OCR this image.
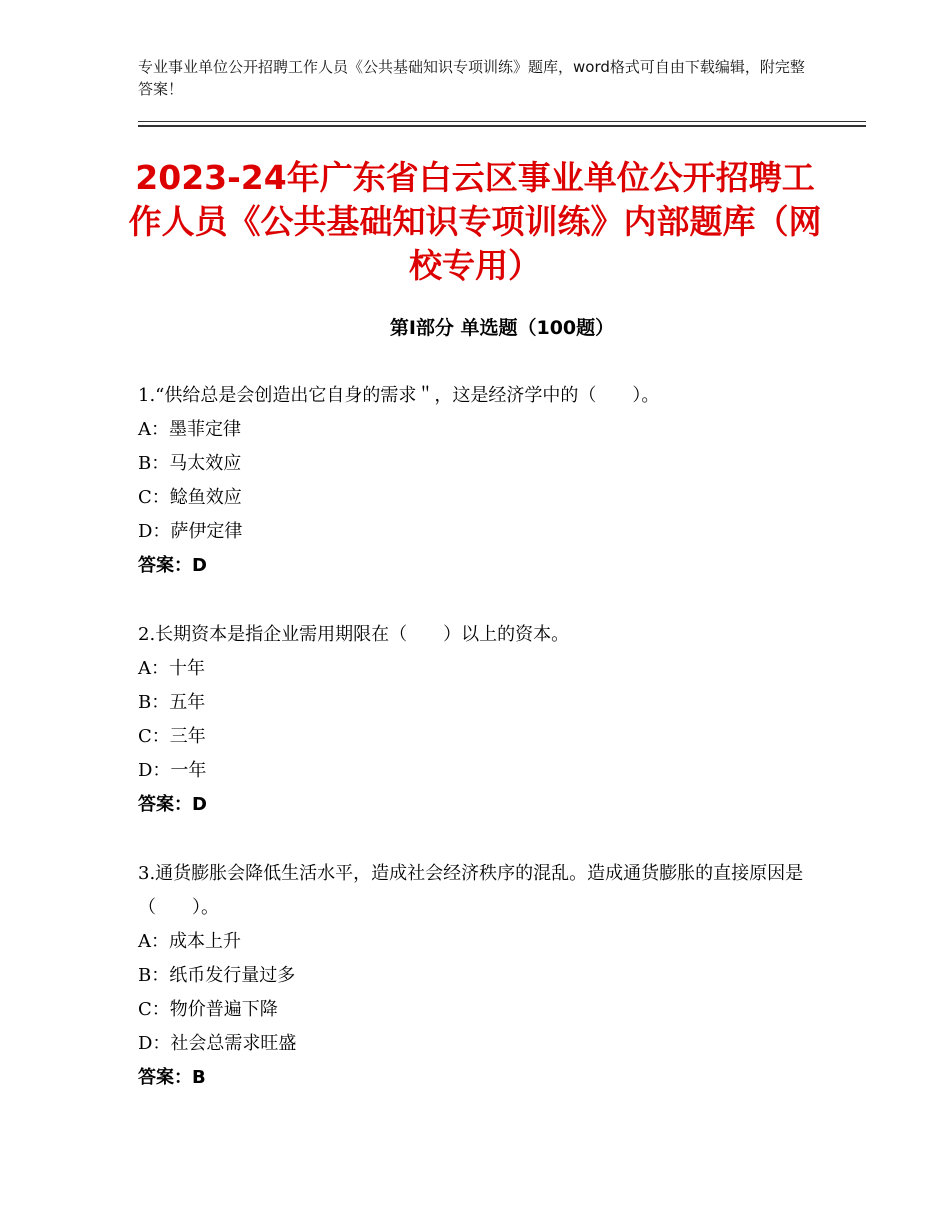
专业事业单位公开招聘工作人员《公共基础知识专项训练》题库，word格式可自由下载编辑，附完整答案！
2023-24年广东省白云区事业单位公开招聘工作人员《公共基础知识专项训练》内部题库（网校专用）
第Ⅰ部分 单选题（100题）

1.“供给总是会创造出它自身的需求＂，这是经济学中的（　　）。

A：墨菲定律

B：马太效应

C：鲶鱼效应

D：萨伊定律

答案：D

2.长期资本是指企业需用期限在（　　）以上的资本。

A：十年

B：五年

C：三年

D：一年

答案：D

3.通货膨胀会降低生活水平，造成社会经济秩序的混乱。造成通货膨胀的直接原因是（　　）。

A：成本上升

B：纸币发行量过多

C：物价普遍下降

D：社会总需求旺盛

答案：B
